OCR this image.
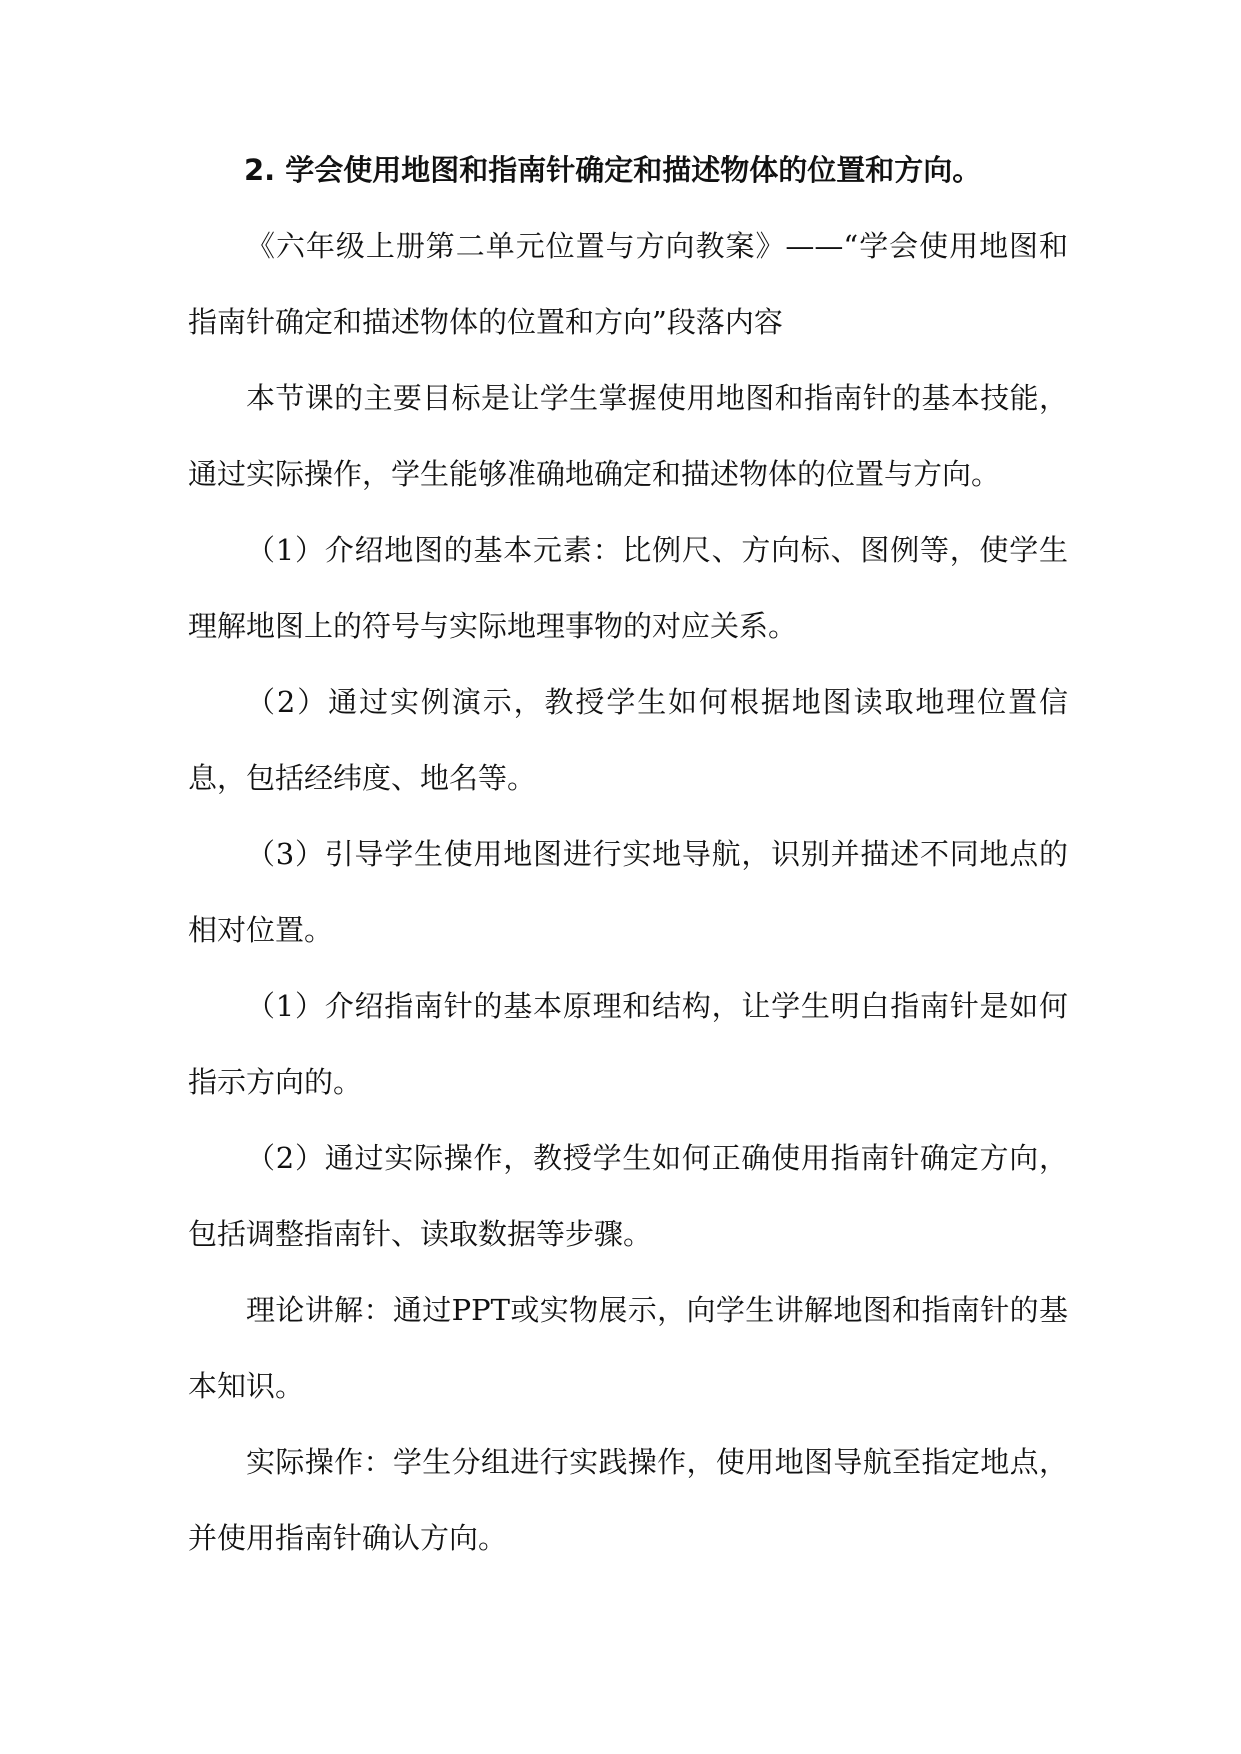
2. 学会使用地图和指南针确定和描述物体的位置和方向。

《六年级上册第二单元位置与方向教案》——“学会使用地图和指南针确定和描述物体的位置和方向”段落内容

本节课的主要目标是让学生掌握使用地图和指南针的基本技能，通过实际操作，学生能够准确地确定和描述物体的位置与方向。

（1）介绍地图的基本元素：比例尺、方向标、图例等，使学生理解地图上的符号与实际地理事物的对应关系。

（2）通过实例演示，教授学生如何根据地图读取地理位置信息，包括经纬度、地名等。

（3）引导学生使用地图进行实地导航，识别并描述不同地点的相对位置。

（1）介绍指南针的基本原理和结构，让学生明白指南针是如何指示方向的。

（2）通过实际操作，教授学生如何正确使用指南针确定方向，包括调整指南针、读取数据等步骤。

理论讲解：通过PPT或实物展示，向学生讲解地图和指南针的基本知识。

实际操作：学生分组进行实践操作，使用地图导航至指定地点，并使用指南针确认方向。
